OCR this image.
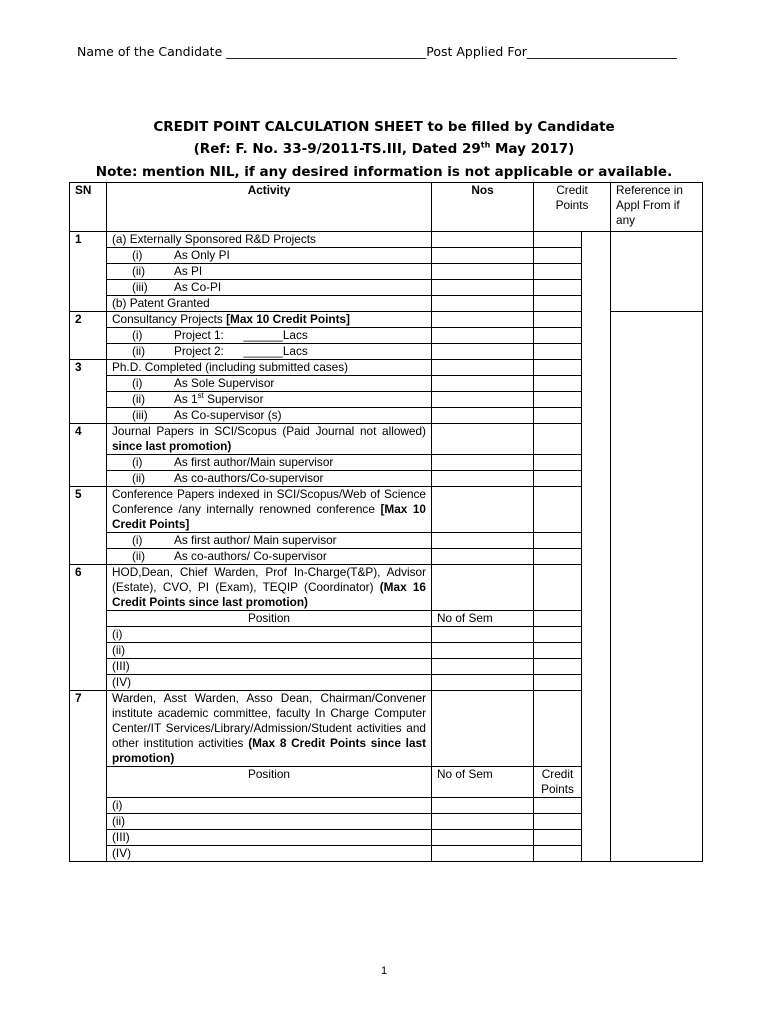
Name of the Candidate ________________________________Post Applied For________________________
CREDIT POINT CALCULATION SHEET to be filled by Candidate
(Ref: F. No. 33-9/2011-TS.III, Dated 29th May 2017)
Note: mention NIL, if any desired information is not applicable or available.
SN	Activity	Nos	Credit Points		Reference in Appl From if any
1	(a) Externally Sponsored R&D Projects				
	(i) As Only PI				
	(ii) As PI				
	(iii) As Co-PI				
	(b) Patent Granted				
2	Consultancy Projects [Max 10 Credit Points]				
	(i) Project 1:      ______Lacs				
	(ii) Project 2:      ______Lacs				
3	Ph.D. Completed (including submitted cases)				
	(i) As Sole Supervisor				
	(ii) As 1st Supervisor				
	(iii) As Co-supervisor (s)				
4	Journal Papers in SCI/Scopus (Paid Journal not allowed) since last promotion)				
	(i) As first author/Main supervisor				
	(ii) As co-authors/Co-supervisor				
5	Conference Papers indexed in SCI/Scopus/Web of Science Conference /any internally renowned conference [Max 10 Credit Points]				
	(i) As first author/ Main supervisor				
	(ii) As co-authors/ Co-supervisor				
6	HOD,Dean, Chief Warden, Prof In-Charge(T&P), Advisor (Estate), CVO, PI (Exam), TEQIP (Coordinator) (Max 16 Credit Points since last promotion)				
	Position	No of Sem			
	(i)				
	(ii)				
	(III)				
	(IV)				
7	Warden, Asst Warden, Asso Dean, Chairman/Convener institute academic committee, faculty In Charge Computer Center/IT Services/Library/Admission/Student activities and other institution activities (Max 8 Credit Points since last promotion)				
	Position	No of Sem	Credit Points		
	(i)				
	(ii)				
	(III)				
	(IV)				
1
